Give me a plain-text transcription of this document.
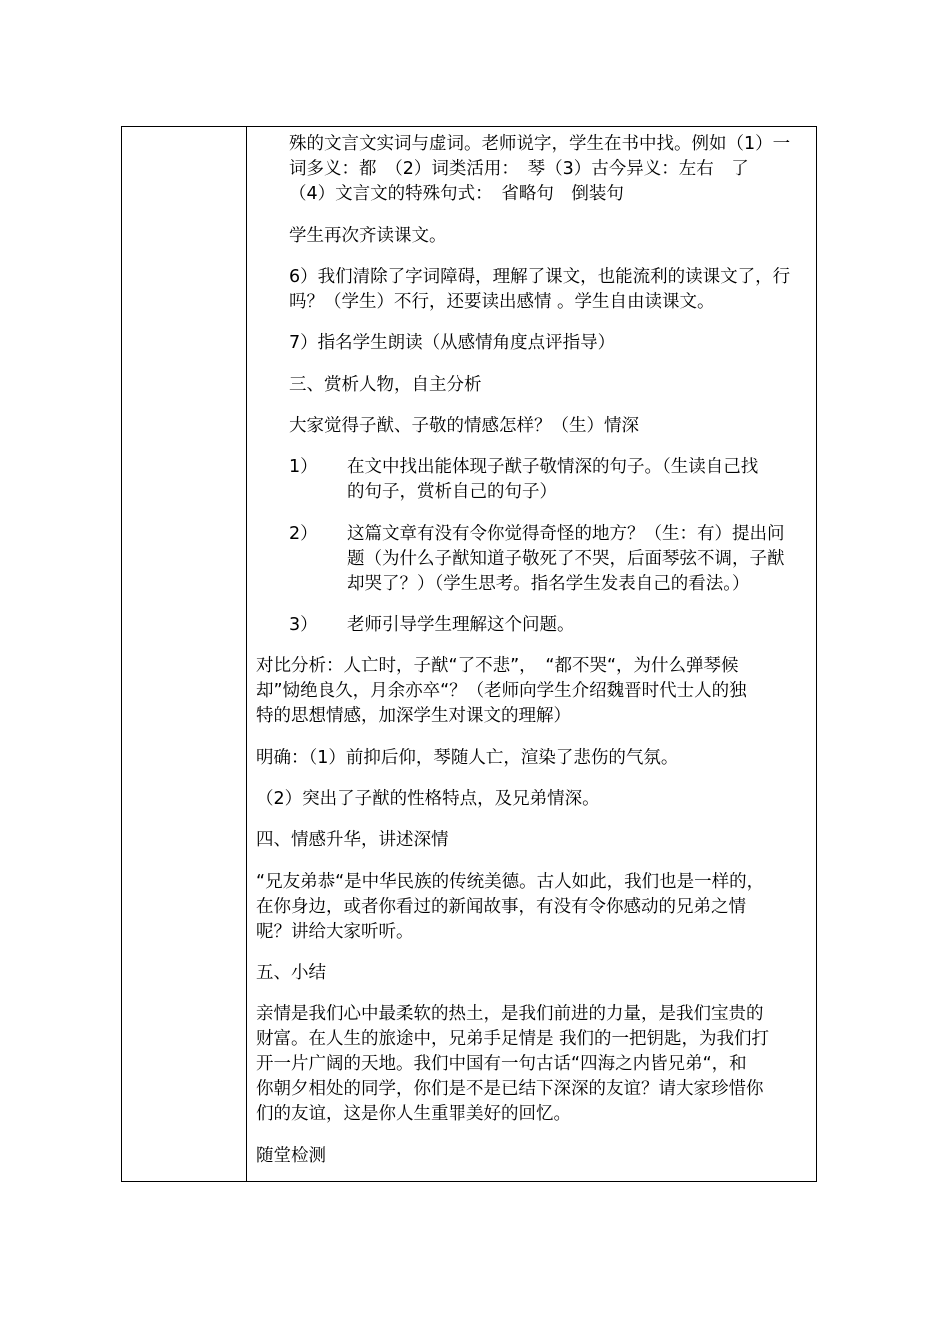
殊的文言文实词与虚词。老师说字，学生在书中找。例如（1）一

词多义：都　（2）词类活用：　琴（3）古今异义：左右　了

（4）文言文的特殊句式：　省略句　倒装句

学生再次齐读课文。

6）我们清除了字词障碍，理解了课文，也能流利的读课文了，行

吗？（学生）不行，还要读出感情 。学生自由读课文。

7）指名学生朗读（从感情角度点评指导）

三、赏析人物，自主分析

大家觉得子猷、子敬的情感怎样？（生）情深

1） 在文中找出能体现子猷子敬情深的句子。（生读自己找
的句子，赏析自己的句子）
2） 这篇文章有没有令你觉得奇怪的地方？（生：有）提出问
题（为什么子猷知道子敬死了不哭，后面琴弦不调，子猷
却哭了？）（学生思考。指名学生发表自己的看法。）
3） 老师引导学生理解这个问题。

对比分析：人亡时，子猷“了不悲”，　“都不哭“，为什么弹琴候

却”恸绝良久，月余亦卒“？（老师向学生介绍魏晋时代士人的独

特的思想情感，加深学生对课文的理解）

明确：（1）前抑后仰，琴随人亡，渲染了悲伤的气氛。

（2）突出了子猷的性格特点，及兄弟情深。

四、情感升华，讲述深情

“兄友弟恭“是中华民族的传统美德。古人如此，我们也是一样的，

在你身边，或者你看过的新闻故事，有没有令你感动的兄弟之情

呢？讲给大家听听。

五、小结

亲情是我们心中最柔软的热土，是我们前进的力量，是我们宝贵的

财富。在人生的旅途中，兄弟手足情是 我们的一把钥匙，为我们打

开一片广阔的天地。我们中国有一句古话“四海之内皆兄弟“，和

你朝夕相处的同学，你们是不是已结下深深的友谊？请大家珍惜你

们的友谊，这是你人生重罪美好的回忆。

随堂检测
